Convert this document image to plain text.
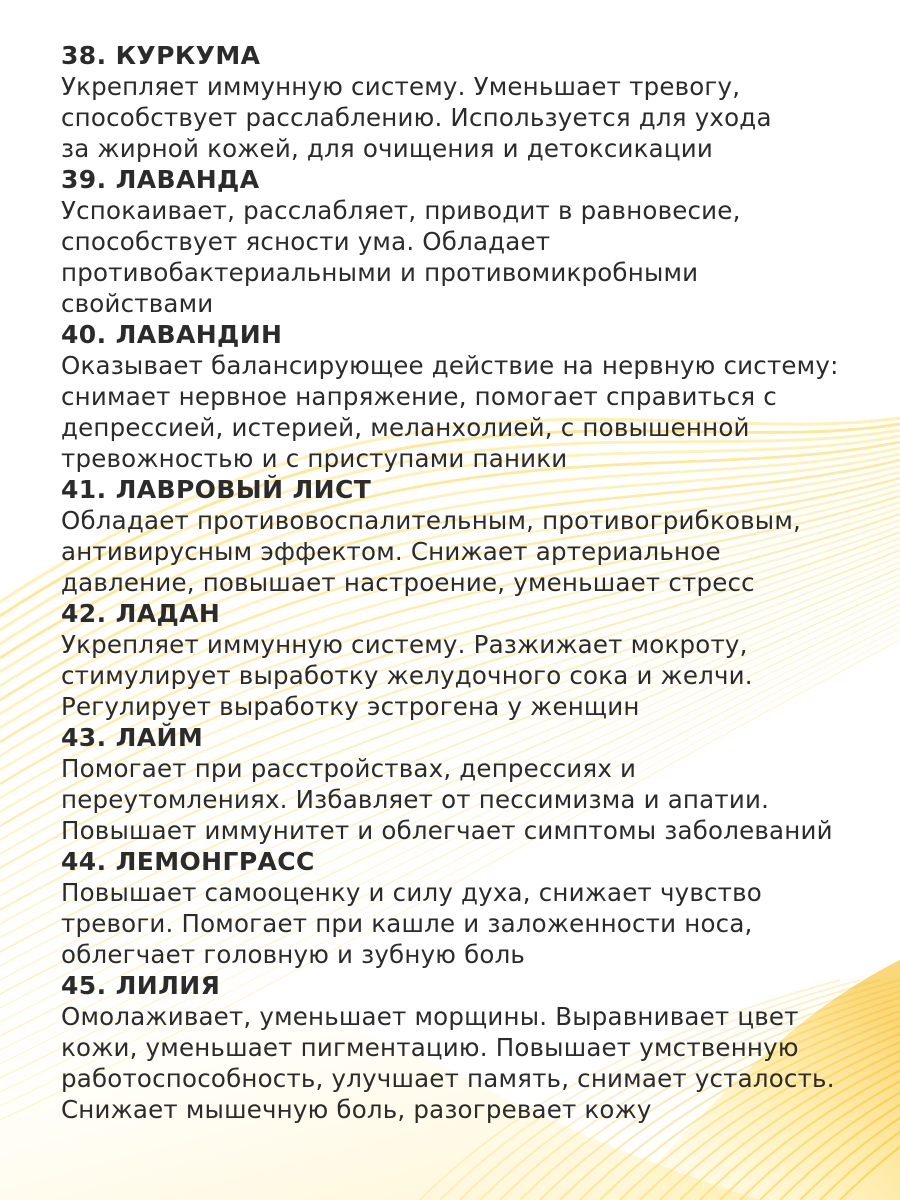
38. КУРКУМА
Укрепляет иммунную систему. Уменьшает тревогу,
способствует расслаблению. Используется для ухода
за жирной кожей, для очищения и детоксикации
39. ЛАВАНДА
Успокаивает, расслабляет, приводит в равновесие,
способствует ясности ума. Обладает
противобактериальными и противомикробными
свойствами
40. ЛАВАНДИН
Оказывает балансирующее действие на нервную систему:
снимает нервное напряжение, помогает справиться с
депрессией, истерией, меланхолией, с повышенной
тревожностью и с приступами паники
41. ЛАВРОВЫЙ ЛИСТ
Обладает противовоспалительным, противогрибковым,
антивирусным эффектом. Снижает артериальное
давление, повышает настроение, уменьшает стресс
42. ЛАДАН
Укрепляет иммунную систему. Разжижает мокроту,
стимулирует выработку желудочного сока и желчи.
Регулирует выработку эстрогена у женщин
43. ЛАЙМ
Помогает при расстройствах, депрессиях и
переутомлениях. Избавляет от пессимизма и апатии.
Повышает иммунитет и облегчает симптомы заболеваний
44. ЛЕМОНГРАСС
Повышает самооценку и силу духа, снижает чувство
тревоги. Помогает при кашле и заложенности носа,
облегчает головную и зубную боль
45. ЛИЛИЯ
Омолаживает, уменьшает морщины. Выравнивает цвет
кожи, уменьшает пигментацию. Повышает умственную
работоспособность, улучшает память, снимает усталость.
Снижает мышечную боль, разогревает кожу
